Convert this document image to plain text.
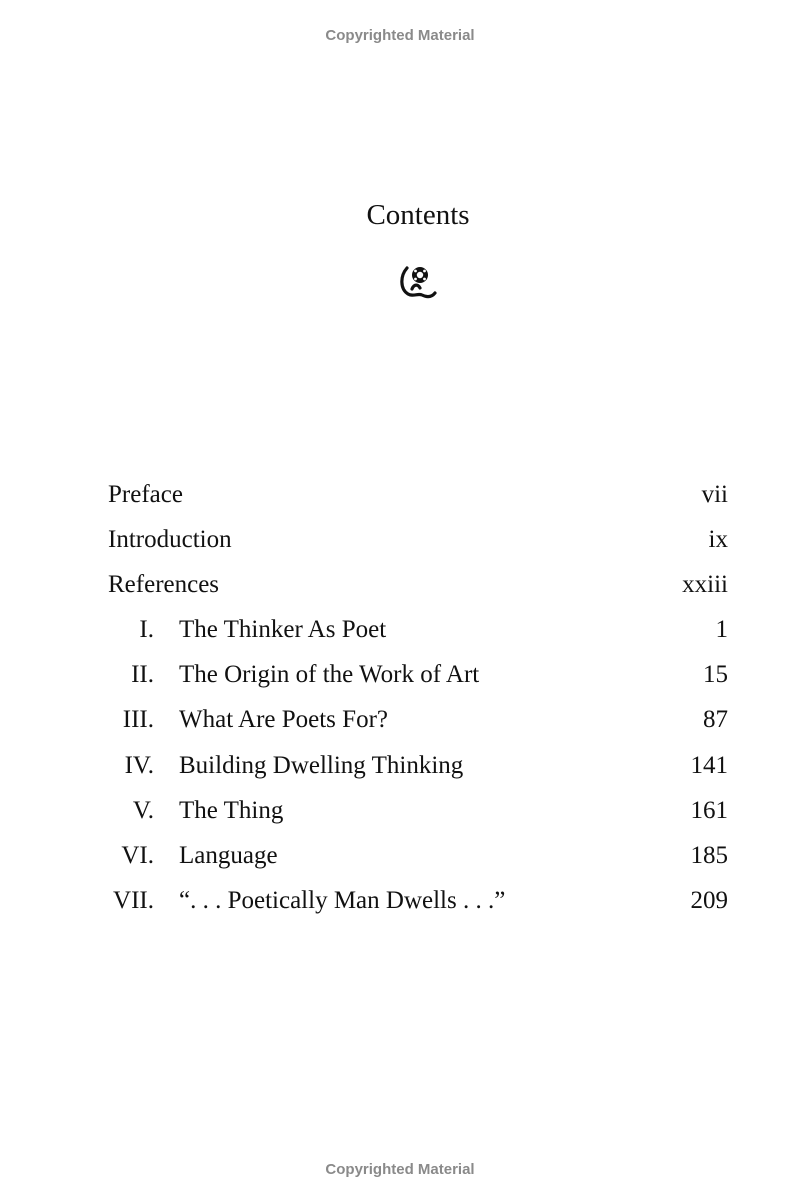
Copyrighted Material
Contents
Preface	vii
Introduction	ix
References	xxiii
I. The Thinker As Poet	1
II. The Origin of the Work of Art	15
III. What Are Poets For?	87
IV. Building Dwelling Thinking	141
V. The Thing	161
VI. Language	185
VII. “. . . Poetically Man Dwells . . .”	209
Copyrighted Material
